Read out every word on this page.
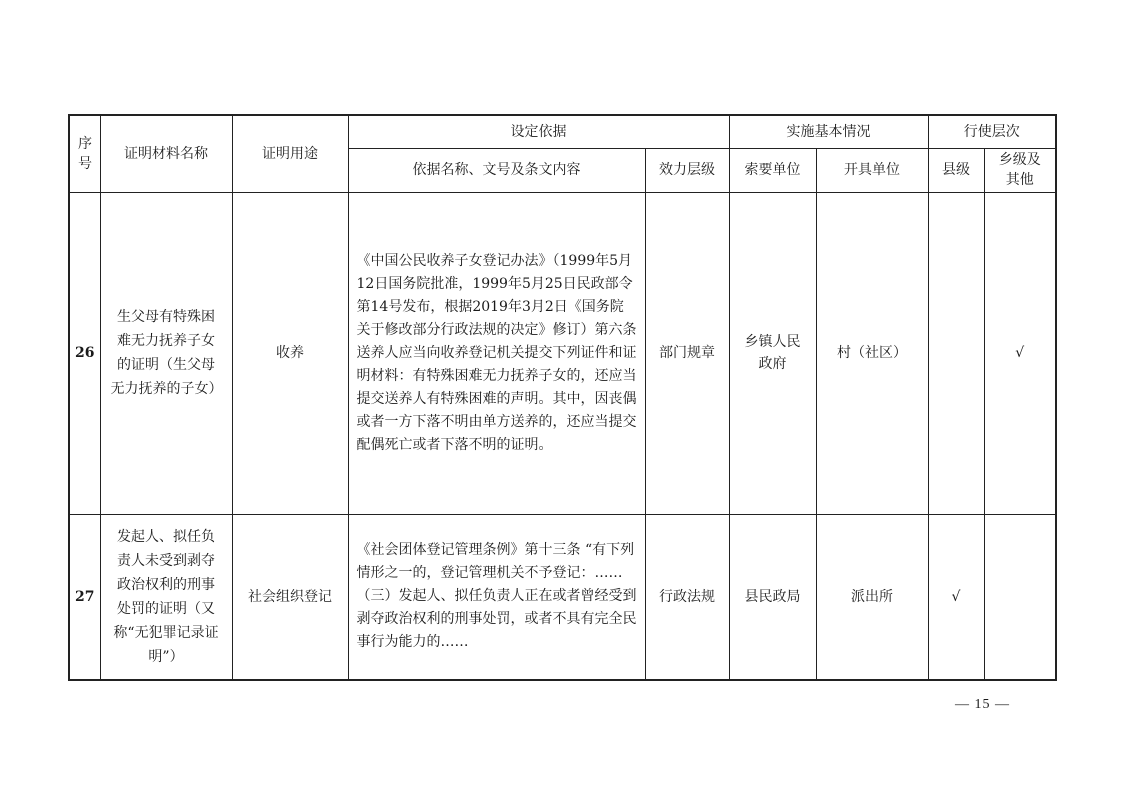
序号	证明材料名称	证明用途	设定依据		实施基本情况		行使层次	
			依据名称、文号及条文内容	效力层级	索要单位	开具单位	县级	乡级及其他
26	生父母有特殊困难无力抚养子女的证明（生父母无力抚养的子女）	收养	《中国公民收养子女登记办法》（1999年5月12日国务院批准，1999年5月25日民政部令第14号发布，根据2019年3月2日《国务院关于修改部分行政法规的决定》修订）第六条 送养人应当向收养登记机关提交下列证件和证明材料：有特殊困难无力抚养子女的，还应当提交送养人有特殊困难的声明。其中，因丧偶或者一方下落不明由单方送养的，还应当提交配偶死亡或者下落不明的证明。	部门规章	乡镇人民政府	村（社区）		√
27	发起人、拟任负责人未受到剥夺政治权利的刑事处罚的证明（又称“无犯罪记录证明”）	社会组织登记	《社会团体登记管理条例》第十三条 “有下列情形之一的，登记管理机关不予登记：……（三）发起人、拟任负责人正在或者曾经受到剥夺政治权利的刑事处罚，或者不具有完全民事行为能力的……	行政法规	县民政局	派出所	√	
— 15 —
